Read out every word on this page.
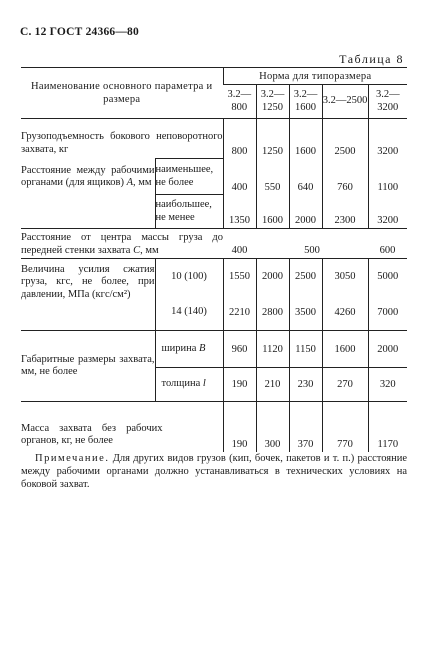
С. 12 ГОСТ 24366—80
Таблица 8
Наименование основного параметра и размера		Норма для типоразмера				
		3.2—800	3.2—1250	3.2—1600	3.2—2500	3.2—3200
Грузоподъемность бокового неповоротного захвата, кг		800	1250	1600	2500	3200
Расстояние между рабочими органами (для ящиков) A, мм	наименьшее, не более	400	550	640	760	1100
	наибольшее, не менее	1350	1600	2000	2300	3200
Расстояние от центра массы груза до передней стенки захвата С, мм		400	500			600
Величина усилия сжатия груза, кгс, не более, при давлении, МПа (кгс/см²)	10 (100)	1550	2000	2500	3050	5000
	14 (140)	2210	2800	3500	4260	7000
Габаритные размеры захвата, мм, не более	ширина B	960	1120	1150	1600	2000
	толщина l	190	210	230	270	320
Масса захвата без рабочих органов, кг, не более		190	300	370	770	1170
Примечание. Для других видов грузов (кип, бочек, пакетов и т. п.) расстояние между рабочими органами должно устанавливаться в технических условиях на боковой захват.
